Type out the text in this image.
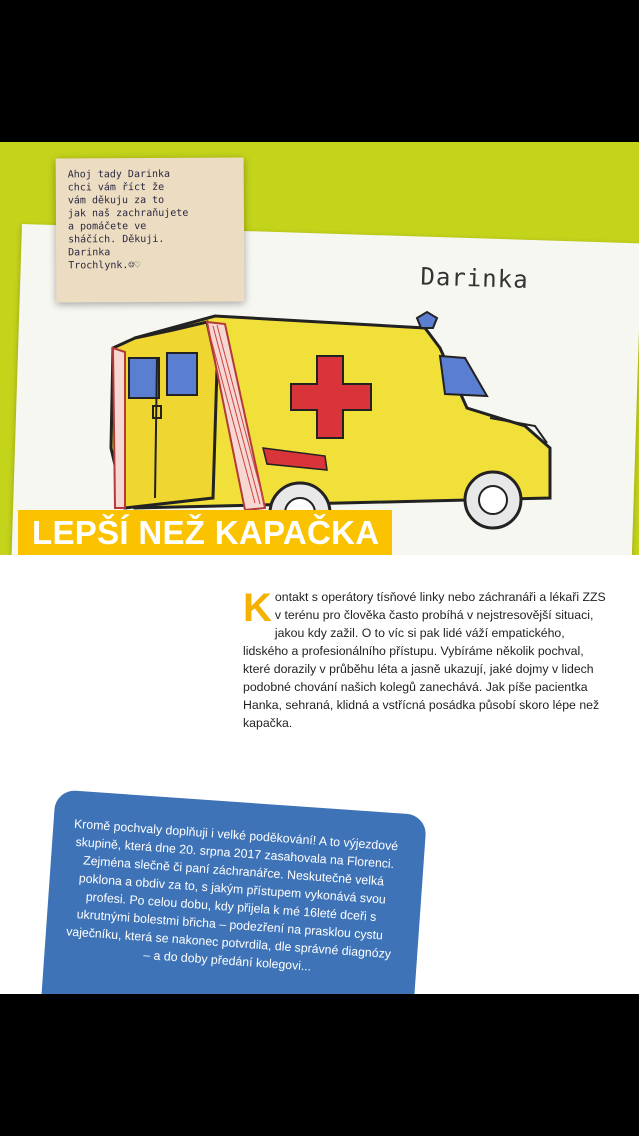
Darinka
Ahoj tady Darinka
chci vám říct že
vám děkuju za to
jak naš zachraňujete
a pomáčete ve
sháčích. Děkuji.
Darinka
Trochlynk.☺♡
LEPŠÍ NEŽ KAPAČKA
K ontakt s operátory tísňové linky nebo záchranáři a lékaři ZZS v terénu pro člověka často probíhá v nejstresovější situaci, jakou kdy zažil. O to víc si pak lidé váží empatického, lidského a profesionálního přístupu. Vybíráme několik pochval, které dorazily v průběhu léta a jasně ukazují, jaké dojmy v lidech podobné chování našich kolegů zanechává. Jak píše pacientka Hanka, sehraná, klidná a vstřícná posádka působí skoro lépe než kapačka.

Kromě pochvaly doplňuji i velké poděkování! A to výjezdové skupině, která dne 20. srpna 2017 zasahovala na Florenci. Zejména slečně či paní záchranářce. Neskutečně velká poklona a obdiv za to, s jakým přístupem vykonává svou profesi. Po celou dobu, kdy přijela k mé 16leté dceři s ukrutnými bolestmi břicha – podezření na prasklou cystu vaječníku, která se nakonec potvrdila, dle správné diagnózy – a do doby předání kolegovi...
